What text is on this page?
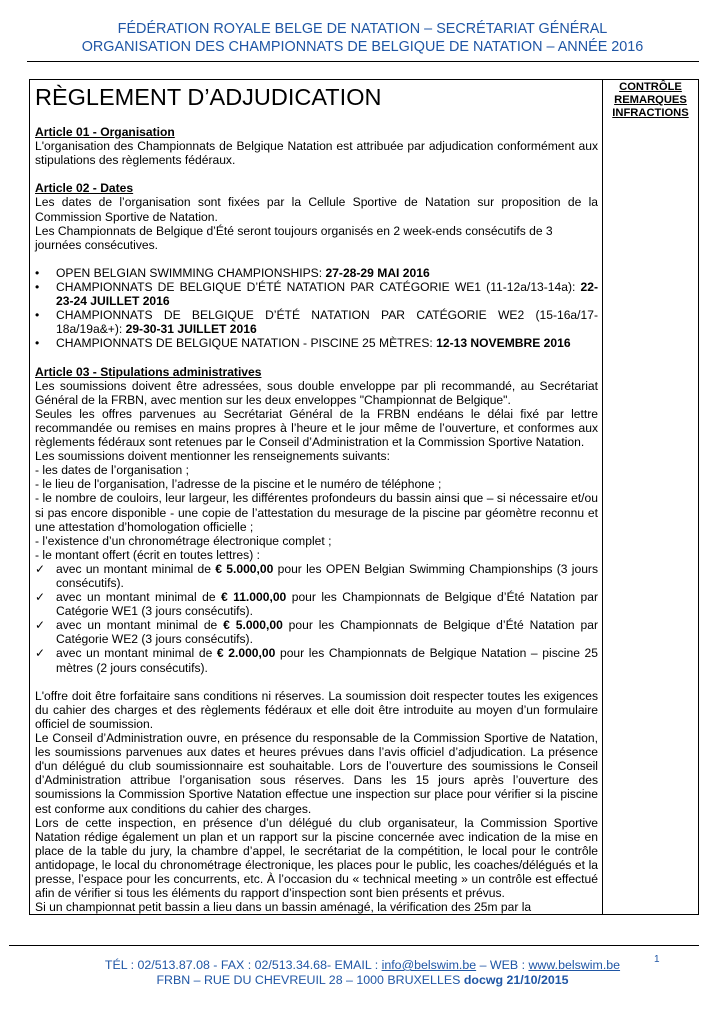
FÉDÉRATION ROYALE BELGE DE NATATION – SECRÉTARIAT GÉNÉRAL
ORGANISATION DES CHAMPIONNATS DE BELGIQUE DE NATATION – ANNÉE 2016
RÈGLEMENT D’ADJUDICATION
Article 01 - Organisation

L'organisation des Championnats de Belgique Natation est attribuée par adjudication conformément aux stipulations des règlements fédéraux.

Article 02 - Dates

Les dates de l’organisation sont fixées par la Cellule Sportive de Natation sur proposition de la Commission Sportive de Natation.

Les Championnats de Belgique d’Été seront toujours organisés en 2 week-ends consécutifs de 3 journées consécutives.

• OPEN BELGIAN SWIMMING CHAMPIONSHIPS: 27-28-29 MAI 2016
• CHAMPIONNATS DE BELGIQUE D’ÉTÉ NATATION PAR CATÉGORIE WE1 (11-12a/13-14a): 22-23-24 JUILLET 2016
• CHAMPIONNATS DE BELGIQUE D’ÉTÉ NATATION PAR CATÉGORIE WE2 (15-16a/17-18a/19a&+): 29-30-31 JUILLET 2016
• CHAMPIONNATS DE BELGIQUE NATATION - PISCINE 25 MÈTRES: 12-13 NOVEMBRE 2016
Article 03 - Stipulations administratives

Les soumissions doivent être adressées, sous double enveloppe par pli recommandé, au Secrétariat Général de la FRBN, avec mention sur les deux enveloppes "Championnat de Belgique".

Seules les offres parvenues au Secrétariat Général de la FRBN endéans le délai fixé par lettre recommandée ou remises en mains propres à l’heure et le jour même de l’ouverture, et conformes aux règlements fédéraux sont retenues par le Conseil d’Administration et la Commission Sportive Natation.

Les soumissions doivent mentionner les renseignements suivants:

- les dates de l’organisation ;

- le lieu de l'organisation, l’adresse de la piscine et le numéro de téléphone ;

- le nombre de couloirs, leur largeur, les différentes profondeurs du bassin ainsi que – si nécessaire et/ou si pas encore disponible - une copie de l’attestation du mesurage de la piscine par géomètre reconnu et une attestation d’homologation officielle ;

- l’existence d’un chronométrage électronique complet ;

- le montant offert (écrit en toutes lettres) :

✓ avec un montant minimal de € 5.000,00 pour les OPEN Belgian Swimming Championships (3 jours consécutifs).
✓ avec un montant minimal de € 11.000,00 pour les Championnats de Belgique d’Été Natation par Catégorie WE1 (3 jours consécutifs).
✓ avec un montant minimal de € 5.000,00 pour les Championnats de Belgique d’Été Natation par Catégorie WE2 (3 jours consécutifs).
✓ avec un montant minimal de € 2.000,00 pour les Championnats de Belgique Natation – piscine 25 mètres (2 jours consécutifs).

L'offre doit être forfaitaire sans conditions ni réserves. La soumission doit respecter toutes les exigences du cahier des charges et des règlements fédéraux et elle doit être introduite au moyen d’un formulaire officiel de soumission.

Le Conseil d’Administration ouvre, en présence du responsable de la Commission Sportive de Natation, les soumissions parvenues aux dates et heures prévues dans l’avis officiel d’adjudication. La présence d'un délégué du club soumissionnaire est souhaitable. Lors de l’ouverture des soumissions le Conseil d’Administration attribue l’organisation sous réserves. Dans les 15 jours après l’ouverture des soumissions la Commission Sportive Natation effectue une inspection sur place pour vérifier si la piscine est conforme aux conditions du cahier des charges.

Lors de cette inspection, en présence d’un délégué du club organisateur, la Commission Sportive Natation rédige également un plan et un rapport sur la piscine concernée avec indication de la mise en place de la table du jury, la chambre d’appel, le secrétariat de la compétition, le local pour le contrôle antidopage, le local du chronométrage électronique, les places pour le public, les coaches/délégués et la presse, l’espace pour les concurrents, etc. À l’occasion du « technical meeting » un contrôle est effectué afin de vérifier si tous les éléments du rapport d’inspection sont bien présents et prévus.

Si un championnat petit bassin a lieu dans un bassin aménagé, la vérification des 25m par la

CONTRÔLE
REMARQUES
INFRACTIONS
1
TÉL : 02/513.87.08 - FAX : 02/513.34.68- EMAIL : info@belswim.be – WEB : www.belswim.be
FRBN – RUE DU CHEVREUIL 28 – 1000 BRUXELLES docwg 21/10/2015
